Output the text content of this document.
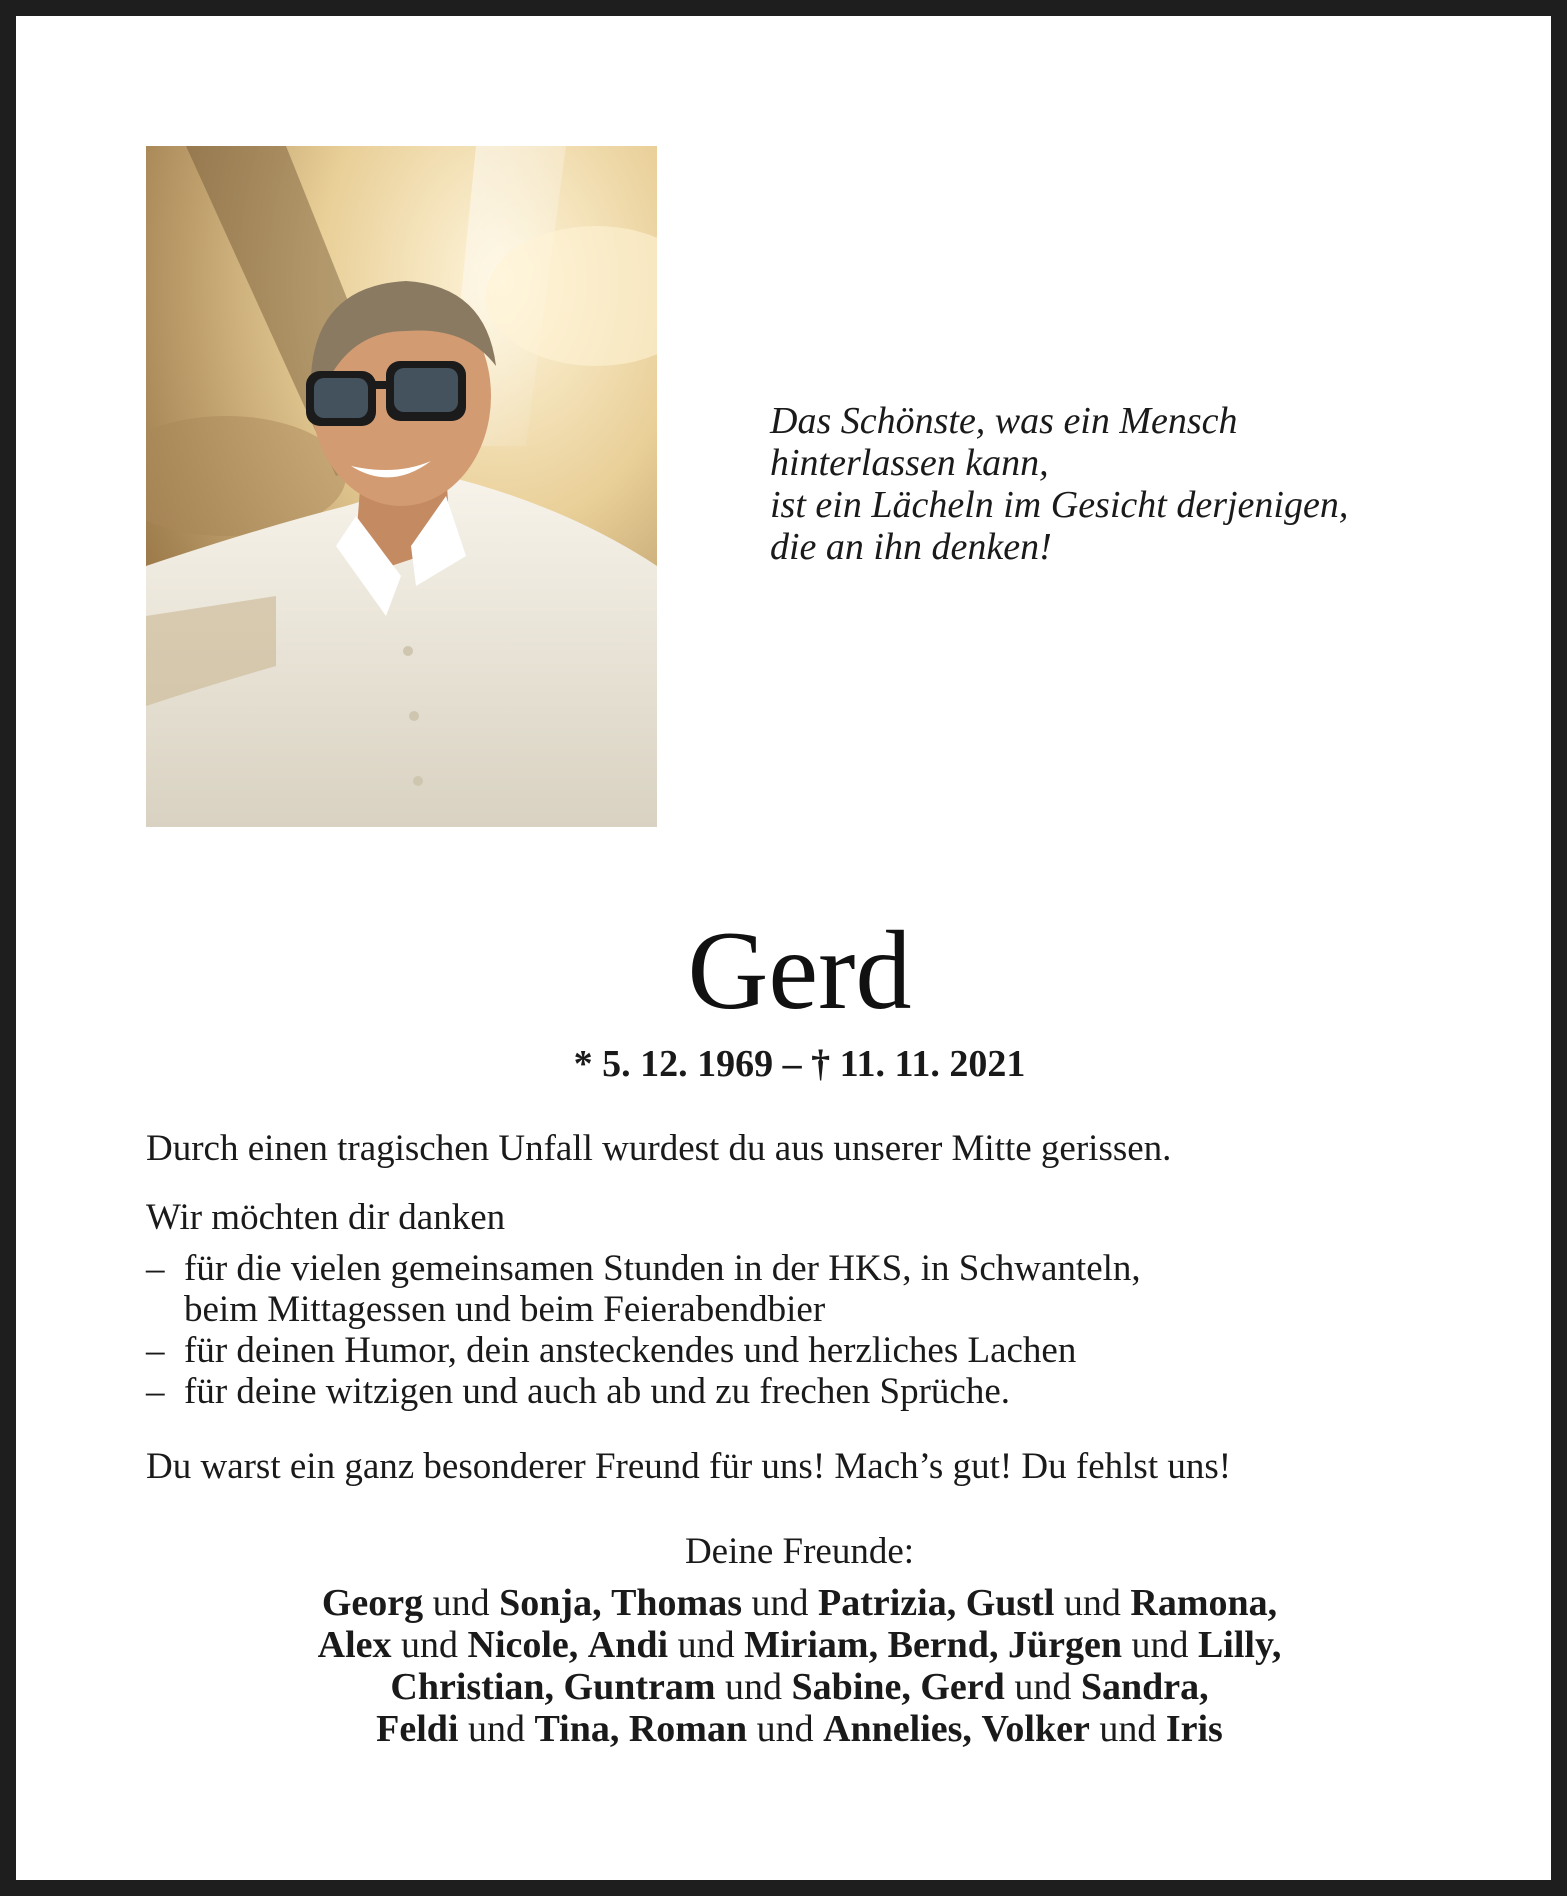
Das Schönste, was ein Mensch
hinterlassen kann,
ist ein Lächeln im Gesicht derjenigen,
die an ihn denken!
Gerd
* 5. 12. 1969 – † 11. 11. 2021
Durch einen tragischen Unfall wurdest du aus unserer Mitte gerissen.
Wir möchten dir danken
– für die vielen gemeinsamen Stunden in der HKS, in Schwanteln,
beim Mittagessen und beim Feierabendbier
– für deinen Humor, dein ansteckendes und herzliches Lachen
– für deine witzigen und auch ab und zu frechen Sprüche.
Du warst ein ganz besonderer Freund für uns! Mach’s gut! Du fehlst uns!
Deine Freunde:
Georg und Sonja, Thomas und Patrizia, Gustl und Ramona,
Alex und Nicole, Andi und Miriam, Bernd, Jürgen und Lilly,
Christian, Guntram und Sabine, Gerd und Sandra,
Feldi und Tina, Roman und Annelies, Volker und Iris
